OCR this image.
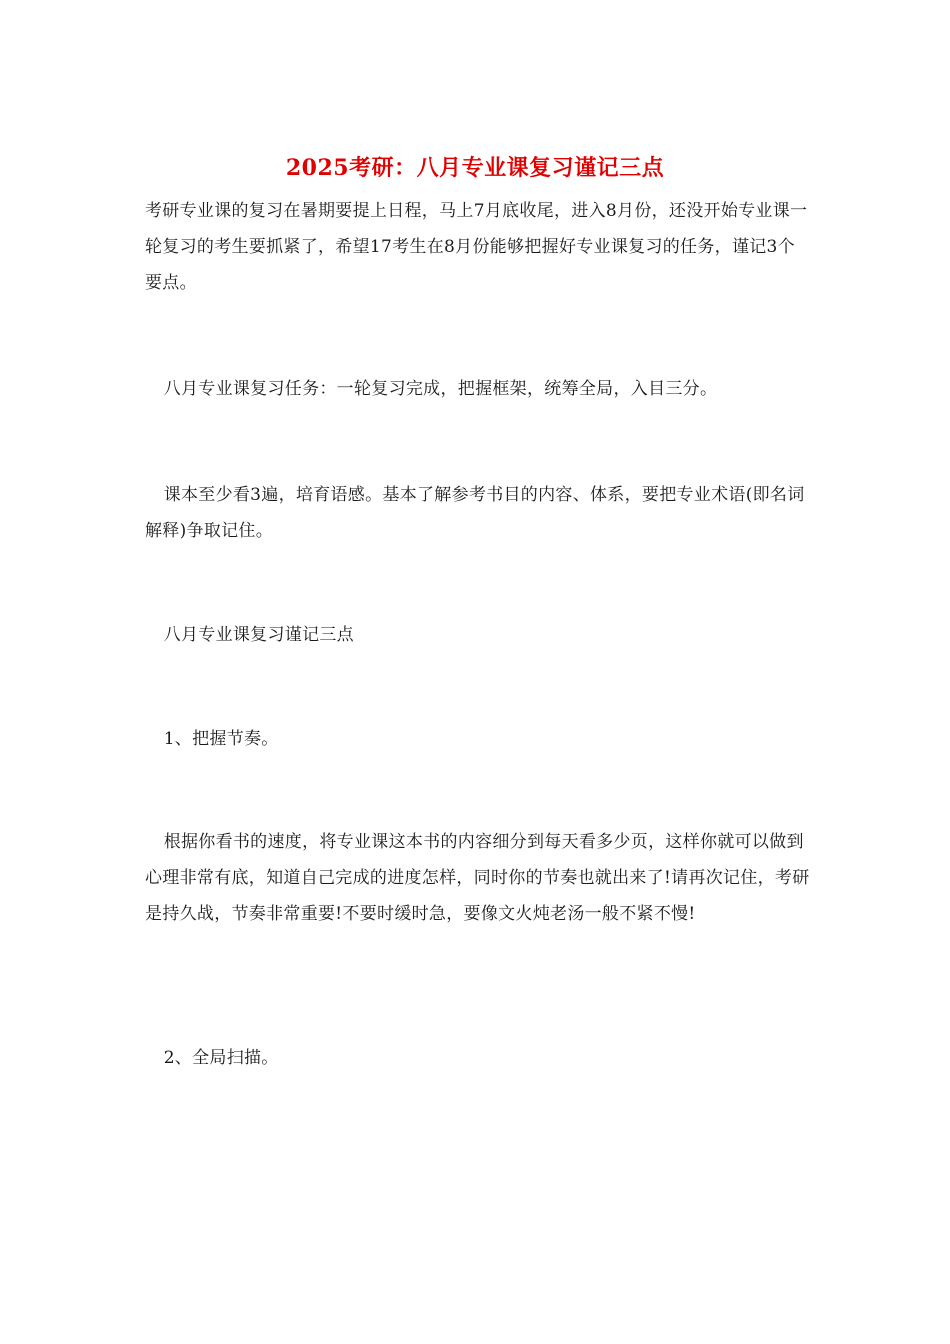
2025考研：八月专业课复习谨记三点

考研专业课的复习在暑期要提上日程，马上7月底收尾，进入8月份，还没开始专业课一轮复习的考生要抓紧了，希望17考生在8月份能够把握好专业课复习的任务，谨记3个要点。

八月专业课复习任务：一轮复习完成，把握框架，统筹全局，入目三分。

课本至少看3遍，培育语感。基本了解参考书目的内容、体系，要把专业术语(即名词解释)争取记住。

八月专业课复习谨记三点

1、把握节奏。

根据你看书的速度，将专业课这本书的内容细分到每天看多少页，这样你就可以做到心理非常有底，知道自己完成的进度怎样，同时你的节奏也就出来了!请再次记住，考研是持久战，节奏非常重要!不要时缓时急，要像文火炖老汤一般不紧不慢!

2、全局扫描。
